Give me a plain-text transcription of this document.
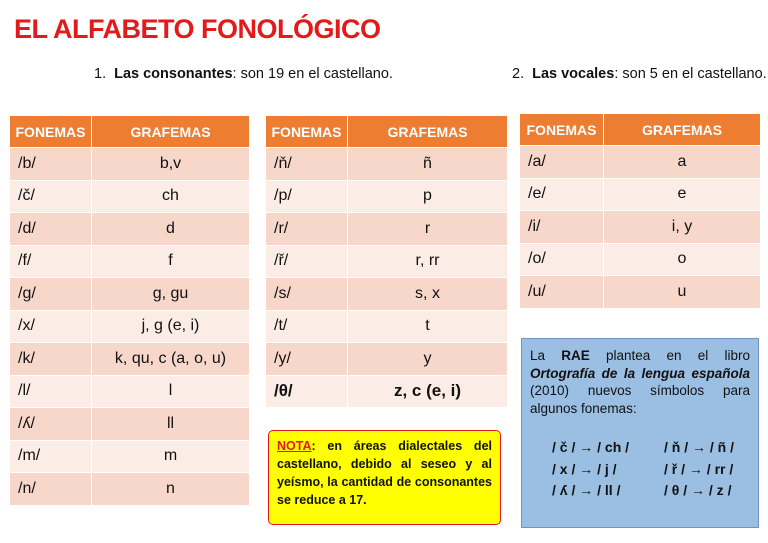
EL ALFABETO FONOLÓGICO
1. Las consonantes: son 19 en el castellano.	2. Las vocales: son 5 en el castellano.
FONEMAS	GRAFEMAS
/b/	b,v
/č/	ch
/d/	d
/f/	f
/g/	g, gu
/x/	j, g (e, i)
/k/	k, qu, c (a, o, u)
/l/	l
/ʎ/	ll
/m/	m
/n/	n
FONEMAS	GRAFEMAS
/ň/	ñ
/p/	p
/r/	r
/ř/	r, rr
/s/	s, x
/t/	t
/y/	y
/θ/	z, c (e, i)
FONEMAS	GRAFEMAS
/a/	a
/e/	e
/i/	i, y
/o/	o
/u/	u
NOTA: en áreas dialectales del castellano, debido al seseo y al yeísmo, la cantidad de consonantes se reduce a 17.
La RAE plantea en el libro Ortografía de la lengua española (2010) nuevos símbolos para algunos fonemas:
/ č / → / ch /	/ ň / → / ñ /
/ x / → / j /	/ ř / → / rr /
/ ʎ / → / ll /	/ θ / → / z /
